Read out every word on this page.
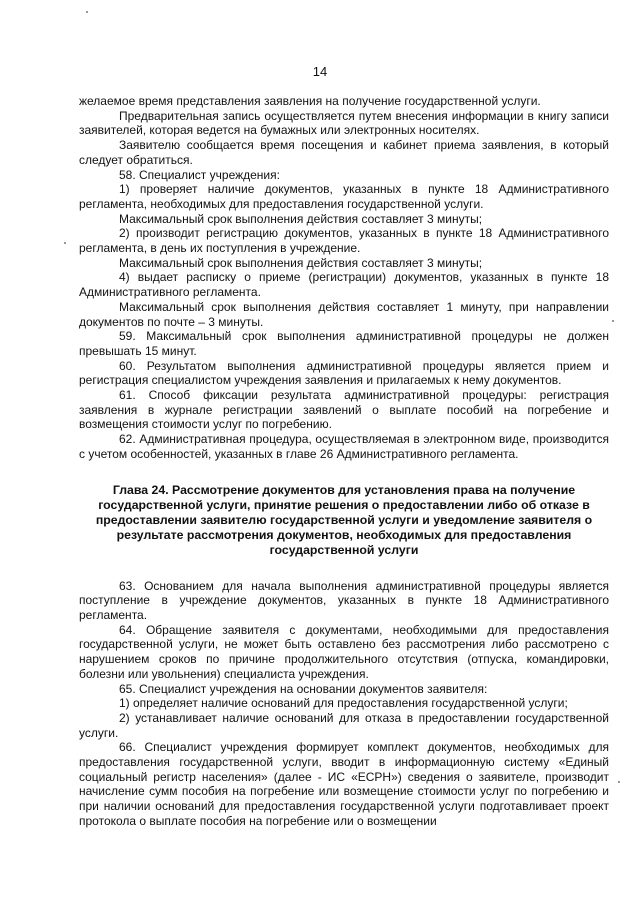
14

желаемое время представления заявления на получение государственной услуги.

Предварительная запись осуществляется путем внесения информации в книгу записи заявителей, которая ведется на бумажных или электронных носителях.

Заявителю сообщается время посещения и кабинет приема заявления, в который следует обратиться.

58. Специалист учреждения:

1) проверяет наличие документов, указанных в пункте 18 Административного регламента, необходимых для предоставления государственной услуги.

Максимальный срок выполнения действия составляет 3 минуты;

2) производит регистрацию документов, указанных в пункте 18 Административного регламента, в день их поступления в учреждение.

Максимальный срок выполнения действия составляет 3 минуты;

4) выдает расписку о приеме (регистрации) документов, указанных в пункте 18 Административного регламента.

Максимальный срок выполнения действия составляет 1 минуту, при направлении документов по почте – 3 минуты.

59. Максимальный срок выполнения административной процедуры не должен превышать 15 минут.

60. Результатом выполнения административной процедуры является прием и регистрация специалистом учреждения заявления и прилагаемых к нему документов.

61. Способ фиксации результата административной процедуры: регистрация заявления в журнале регистрации заявлений о выплате пособий на погребение и возмещения стоимости услуг по погребению.

62. Административная процедура, осуществляемая в электронном виде, производится с учетом особенностей, указанных в главе 26 Административного регламента.

Глава 24. Рассмотрение документов для установления права на получение
государственной услуги, принятие решения о предоставлении либо об отказе в
предоставлении заявителю государственной услуги и уведомление заявителя о
результате рассмотрения документов, необходимых для предоставления
государственной услуги

63. Основанием для начала выполнения административной процедуры является поступление в учреждение документов, указанных в пункте 18 Административного регламента.

64. Обращение заявителя с документами, необходимыми для предоставления государственной услуги, не может быть оставлено без рассмотрения либо рассмотрено с нарушением сроков по причине продолжительного отсутствия (отпуска, командировки, болезни или увольнения) специалиста учреждения.

65. Специалист учреждения на основании документов заявителя:

1) определяет наличие оснований для предоставления государственной услуги;

2) устанавливает наличие оснований для отказа в предоставлении государственной услуги.

66. Специалист учреждения формирует комплект документов, необходимых для предоставления государственной услуги, вводит в информационную систему «Единый социальный регистр населения» (далее - ИС «ЕСРН») сведения о заявителе, производит начисление сумм пособия на погребение или возмещение стоимости услуг по погребению и при наличии оснований для предоставления государственной услуги подготавливает проект протокола о выплате пособия на погребение или о возмещении
